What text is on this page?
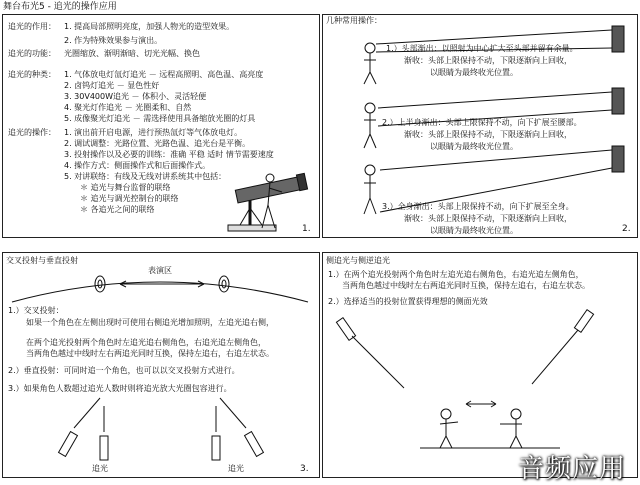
舞台布光5 - 追光的操作应用
追光的作用： 1. 提高局部照明亮度，加强人物光的造型效果。
2. 作为特殊效果参与演出。
追光的功能： 光圈缩放、渐明渐暗、切光光幅、换色
追光的种类： 1. 气体放电灯氙灯追光 － 远程高照明、高色温、高亮度
2. 卤钨灯追光 － 显色性好
3. 30V400W追光 － 体积小、灵活轻便
4. 聚光灯作追光 － 光圈柔和、自然
5. 成像聚光灯追光 － 需选择使用具备缩放光圈的灯具
追光的操作： 1. 演出前开启电源，进行预热氙灯等气体放电灯。
2. 调试调整：光路位置、光路色温、追光台是平衡。
3. 投射操作以及必要的训练：准确 平稳 适时 情节需要速度
4. 操作方式：侧面操作式和后面操作式。
5. 对讲联络：有线及无线对讲系统其中包括：
＊ 追光与舞台监督的联络
＊ 追光与调光控制台的联络
＊ 各追光之间的联络
1.
几种常用操作：
1.）头部渐出：以照射为中心扩大至头部并留有余量。
渐收：头部上限保持不动，下限逐渐向上回收，
以眼睛为最终收光位置。
2.）上半身渐出：头部上限保持不动，向下扩展至腰部。
渐收：头部上限保持不动，下限逐渐向上回收，
以眼睛为最终收光位置。
3.）全身渐出：头部上限保持不动，向下扩展至全身。
渐收：头部上限保持不动，下限逐渐向上回收，
以眼睛为最终收光位置。	2.
交叉投射与垂直投射
表演区
1.）交叉投射：
如果一个角色在左侧出现时可使用右侧追光增加照明，左追光追右侧，
在两个追光投射两个角色时左追光追右侧角色，右追光追左侧角色，
当两角色越过中线时左右两追光同时互换，保持左追右，右追左状态。
2.）垂直投射：可同时追一个角色，也可以以交叉投射方式进行。
3.）如果角色人数超过追光人数时则将追光放大光圈包容进行。
追光	追光	3.
侧追光与侧逆追光
1.）在两个追光投射两个角色时左追光追右侧角色，右追光追左侧角色，
当两角色越过中线时左右两追光同时互换，保持左追右，右追左状态。
2.）选择适当的投射位置获得理想的侧面光效
音频应用
